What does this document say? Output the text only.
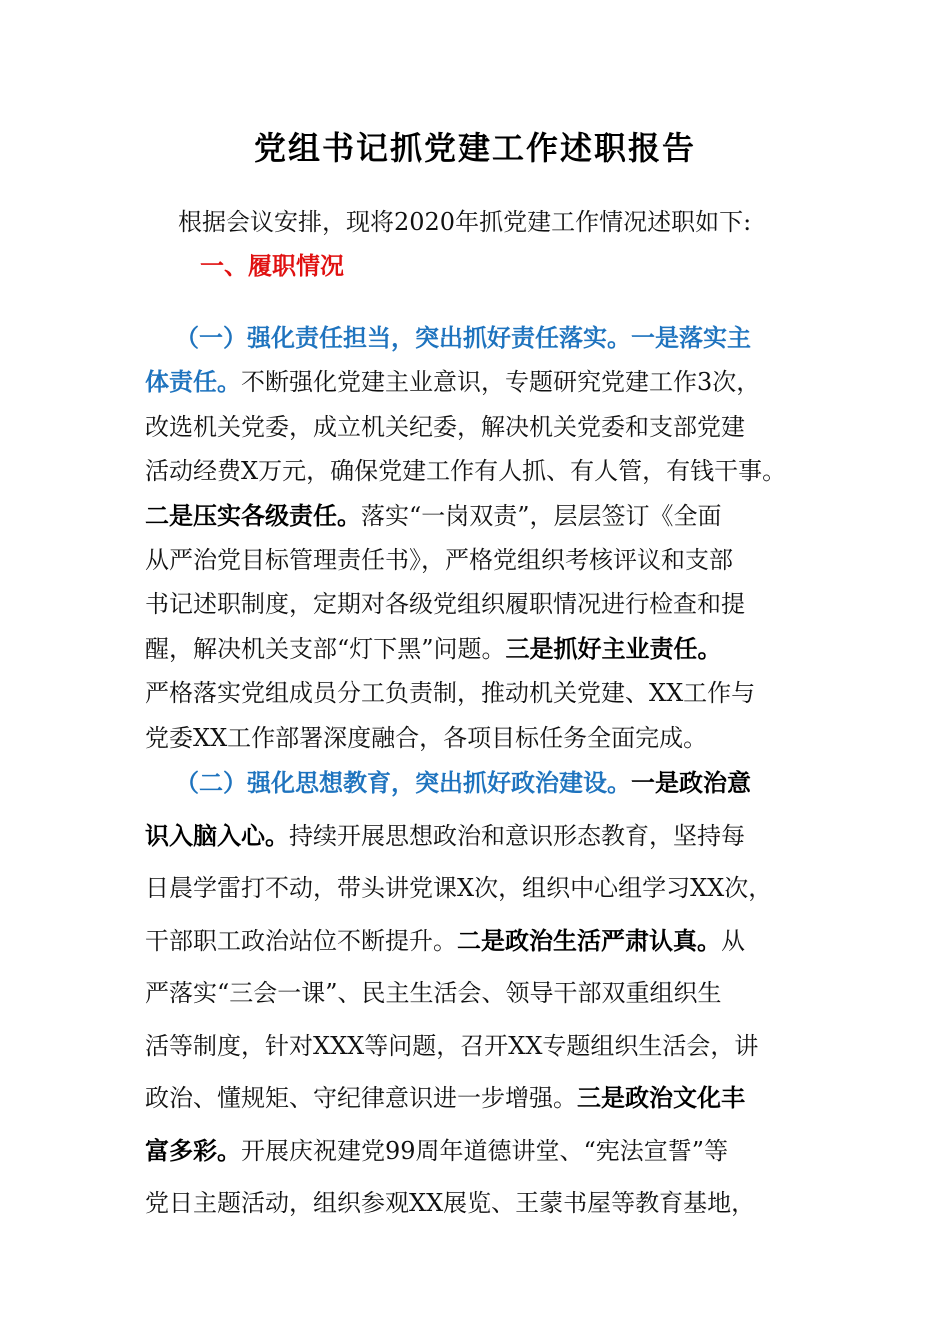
党组书记抓党建工作述职报告
根据会议安排，现将2020年抓党建工作情况述职如下:
一、履职情况
（一）强化责任担当，突出抓好责任落实。一是落实主
体责任。不断强化党建主业意识，专题研究党建工作3次，
改选机关党委，成立机关纪委，解决机关党委和支部党建
活动经费X万元，确保党建工作有人抓、有人管，有钱干事。
二是压实各级责任。落实“一岗双责”，层层签订《全面
从严治党目标管理责任书》，严格党组织考核评议和支部
书记述职制度，定期对各级党组织履职情况进行检查和提
醒，解决机关支部“灯下黑”问题。三是抓好主业责任。
严格落实党组成员分工负责制，推动机关党建、XX工作与
党委XX工作部署深度融合，各项目标任务全面完成。
（二）强化思想教育，突出抓好政治建设。一是政治意
识入脑入心。持续开展思想政治和意识形态教育，坚持每
日晨学雷打不动，带头讲党课X次，组织中心组学习XX次，
干部职工政治站位不断提升。二是政治生活严肃认真。从
严落实“三会一课”、民主生活会、领导干部双重组织生
活等制度，针对XXX等问题，召开XX专题组织生活会，讲
政治、懂规矩、守纪律意识进一步增强。三是政治文化丰
富多彩。开展庆祝建党99周年道德讲堂、“宪法宣誓”等
党日主题活动，组织参观XX展览、王蒙书屋等教育基地，
